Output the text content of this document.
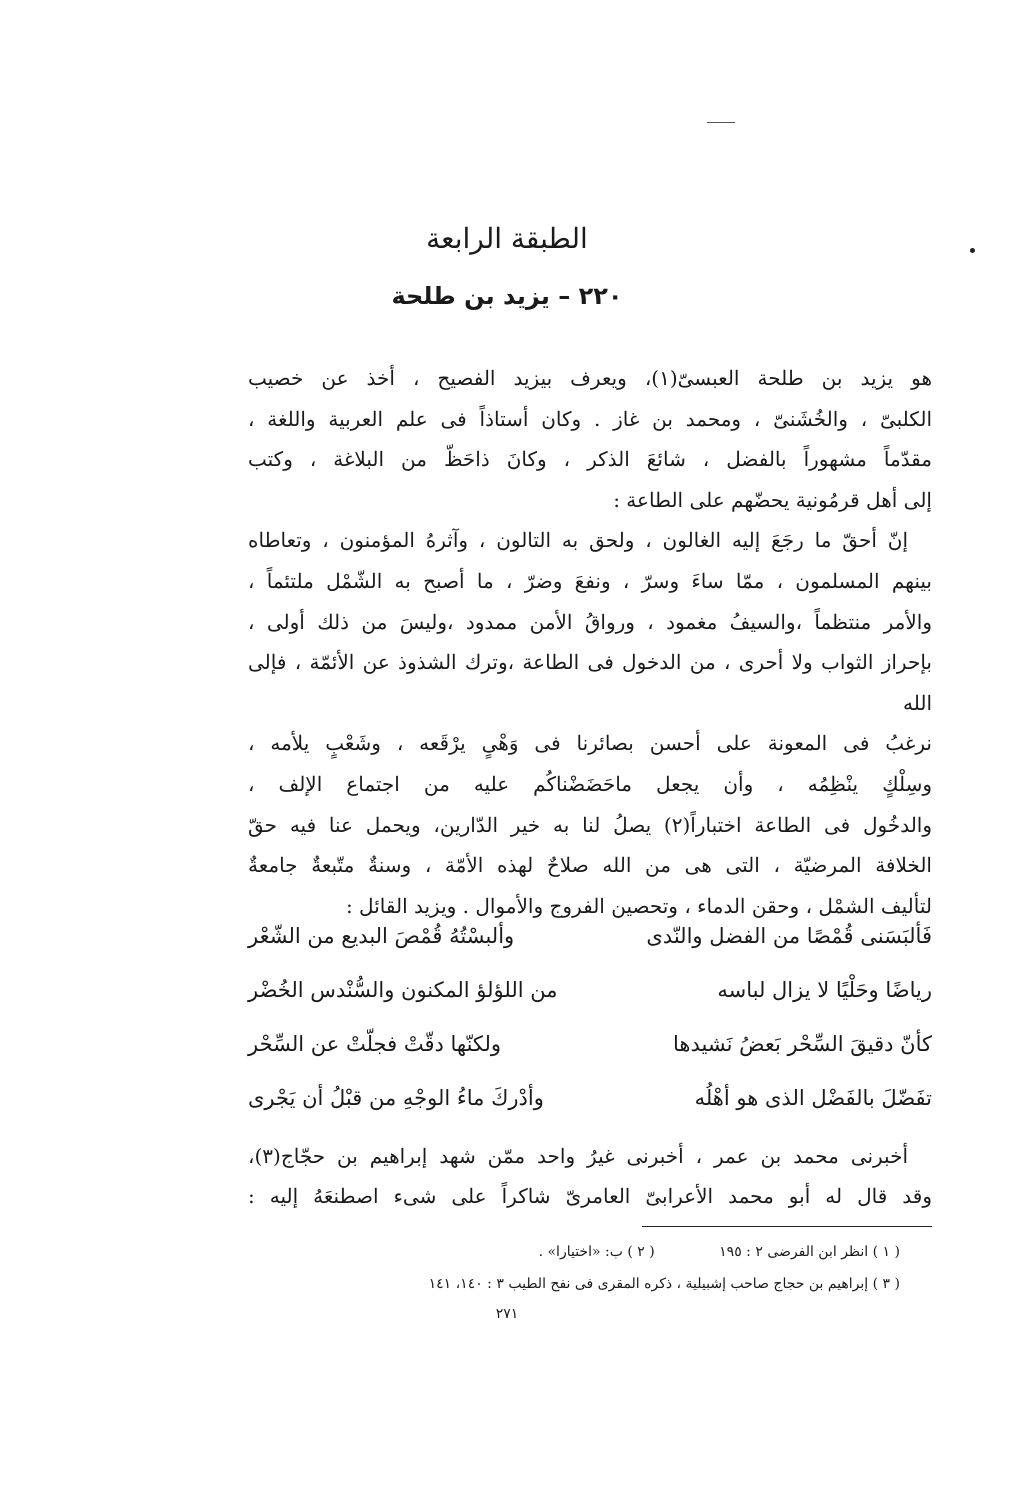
الطبقة الرابعة
٢٢٠ – يزيد بن طلحة

هو يزيد بن طلحة العبسىّ(١)، ويعرف بيزيد الفصيح ، أخذ عن خصيب

الكلبىّ ، والخُشَنىّ ، ومحمد بن غاز . وكان أستاذاً فى علم العربية واللغة ،

مقدّماً مشهوراً بالفضل ، شائعَ الذكر ، وكانَ ذاحَظّ من البلاغة ، وكتب

إلى أهل قرمُونية يحضّهم على الطاعة :

إنّ أحقّ ما رجَعَ إليه الغالون ، ولحق به التالون ، وآثرهُ المؤمنون ، وتعاطاه

بينهم المسلمون ، ممّا ساءَ وسرّ ، ونفعَ وضرّ ، ما أصبح به الشّمْل ملتئماً ،

والأمر منتظماً ،والسيفُ مغمود ، ورواقُ الأمن ممدود ،وليسَ من ذلك أولى ،

بإحراز الثواب ولا أحرى ، من الدخول فى الطاعة ،وترك الشذوذ عن الأئمّة ، فإلى الله

نرغبُ فى المعونة على أحسن بصائرنا فى وَهْىٍ يرْقَعه ، وشَعْبٍ يلأمه ،

وسِلْكٍ ينْظِمُه ، وأن يجعل ماحَضَضْناكُم عليه من اجتماع الإلف ،

والدخُول فى الطاعة اختباراً(٢) يصلُ لنا به خير الدّارين، ويحمل عنا فيه حقّ

الخلافة المرضيّة ، التى هى من الله صلاحٌ لهذه الأمّة ، وسنةٌ متّبعةٌ جامعةٌ

لتأليف الشمْل ، وحقن الدماء ، وتحصين الفروج والأموال . ويزيد القائل :

فَألبَسَنى قُمْصًا من الفضل والنّدى
وألبسْتُهُ قُمْصَ البديع من الشّعْر
رياضًا وحَلْيًا لا يزال لباسه
من اللؤلؤ المكنون والسُّنْدس الخُضْر
كأنّ دقيقَ السِّحْر بَعضُ نَشيدها
ولكنّها دقّتْ فجلّتْ عن السِّحْر
تفَضّلَ بالفَضْل الذى هو أهْلُه
وأدْركَ ماءُ الوجْهِ من قبْلُ أن يَجْرى

أخبرنى محمد بن عمر ، أخبرنى غيرُ واحد ممّن شهد إبراهيم بن حجّاج(٣)،

وقد قال له أبو محمد الأعرابىّ العامرىّ شاكراً على شىء اصطنعَهُ إليه :

( ١ ) انظر ابن الفرضى ٢ : ١٩٥ ( ٢ ) ب: «اختيارا» .
( ٣ ) إبراهيم بن حجاج صاحب إشبيلية ، ذكره المقرى فى نفح الطيب ٣ : ١٤٠، ١٤١
٢٧١
